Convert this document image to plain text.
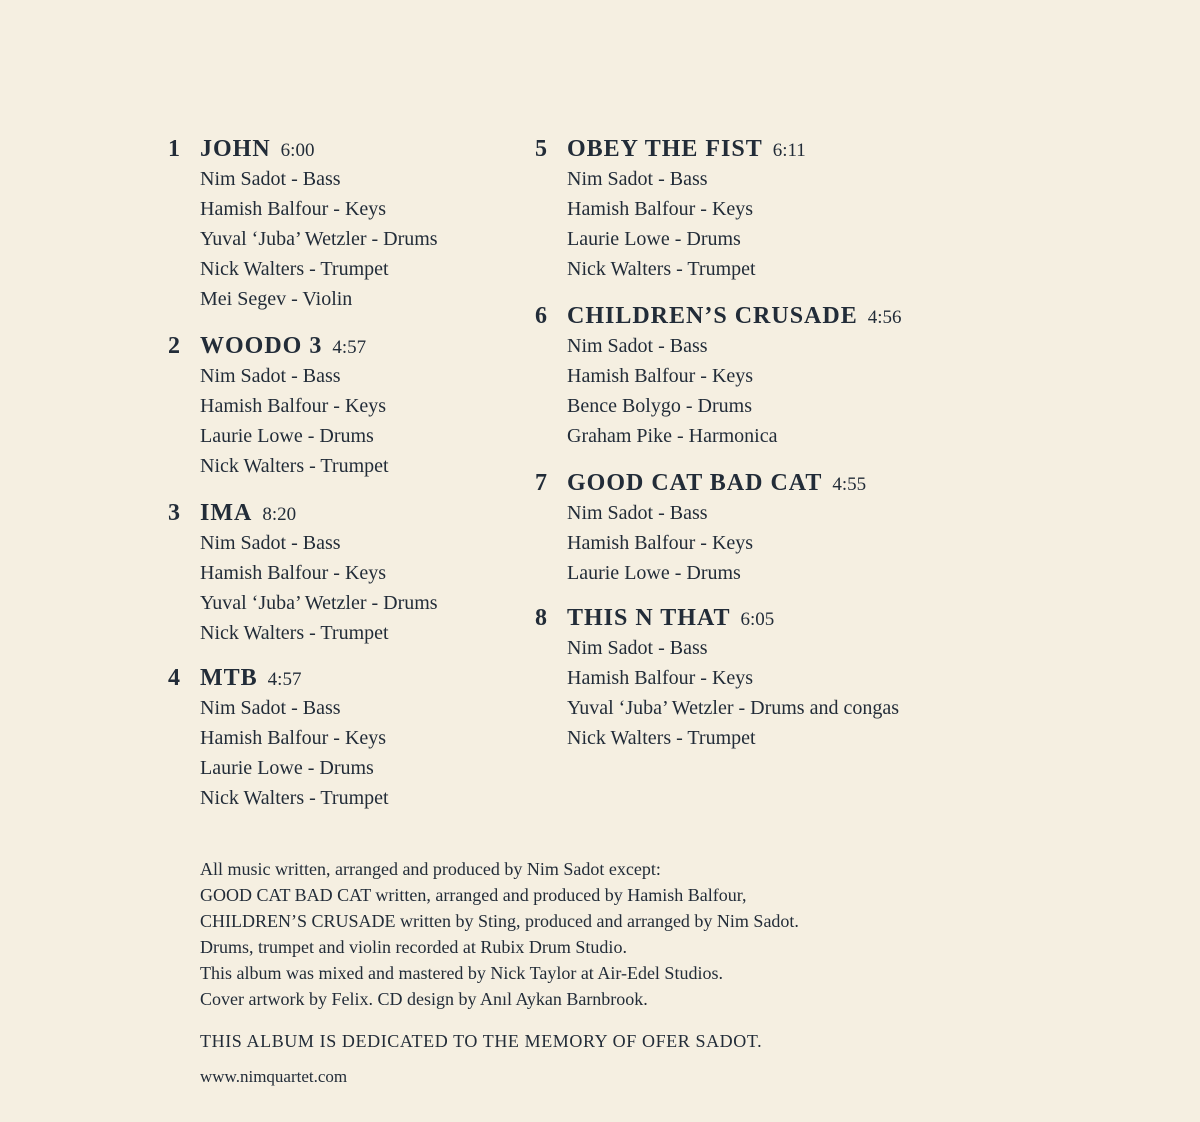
1 JOHN 6:00
Nim Sadot - Bass
Hamish Balfour - Keys
Yuval ‘Juba’ Wetzler - Drums
Nick Walters - Trumpet
Mei Segev - Violin
2 WOODO 3 4:57
Nim Sadot - Bass
Hamish Balfour - Keys
Laurie Lowe - Drums
Nick Walters - Trumpet
3 IMA 8:20
Nim Sadot - Bass
Hamish Balfour - Keys
Yuval ‘Juba’ Wetzler - Drums
Nick Walters - Trumpet
4 MTB 4:57
Nim Sadot - Bass
Hamish Balfour - Keys
Laurie Lowe - Drums
Nick Walters - Trumpet
5 OBEY THE FIST 6:11
Nim Sadot - Bass
Hamish Balfour - Keys
Laurie Lowe - Drums
Nick Walters - Trumpet
6 CHILDREN’S CRUSADE 4:56
Nim Sadot - Bass
Hamish Balfour - Keys
Bence Bolygo - Drums
Graham Pike - Harmonica
7 GOOD CAT BAD CAT 4:55
Nim Sadot - Bass
Hamish Balfour - Keys
Laurie Lowe - Drums
8 THIS N THAT 6:05
Nim Sadot - Bass
Hamish Balfour - Keys
Yuval ‘Juba’ Wetzler - Drums and congas
Nick Walters - Trumpet
All music written, arranged and produced by Nim Sadot except:
GOOD CAT BAD CAT written, arranged and produced by Hamish Balfour,
CHILDREN’S CRUSADE written by Sting, produced and arranged by Nim Sadot.
Drums, trumpet and violin recorded at Rubix Drum Studio.
This album was mixed and mastered by Nick Taylor at Air-Edel Studios.
Cover artwork by Felix. CD design by Anıl Aykan Barnbrook.
THIS ALBUM IS DEDICATED TO THE MEMORY OF OFER SADOT.
www.nimquartet.com
